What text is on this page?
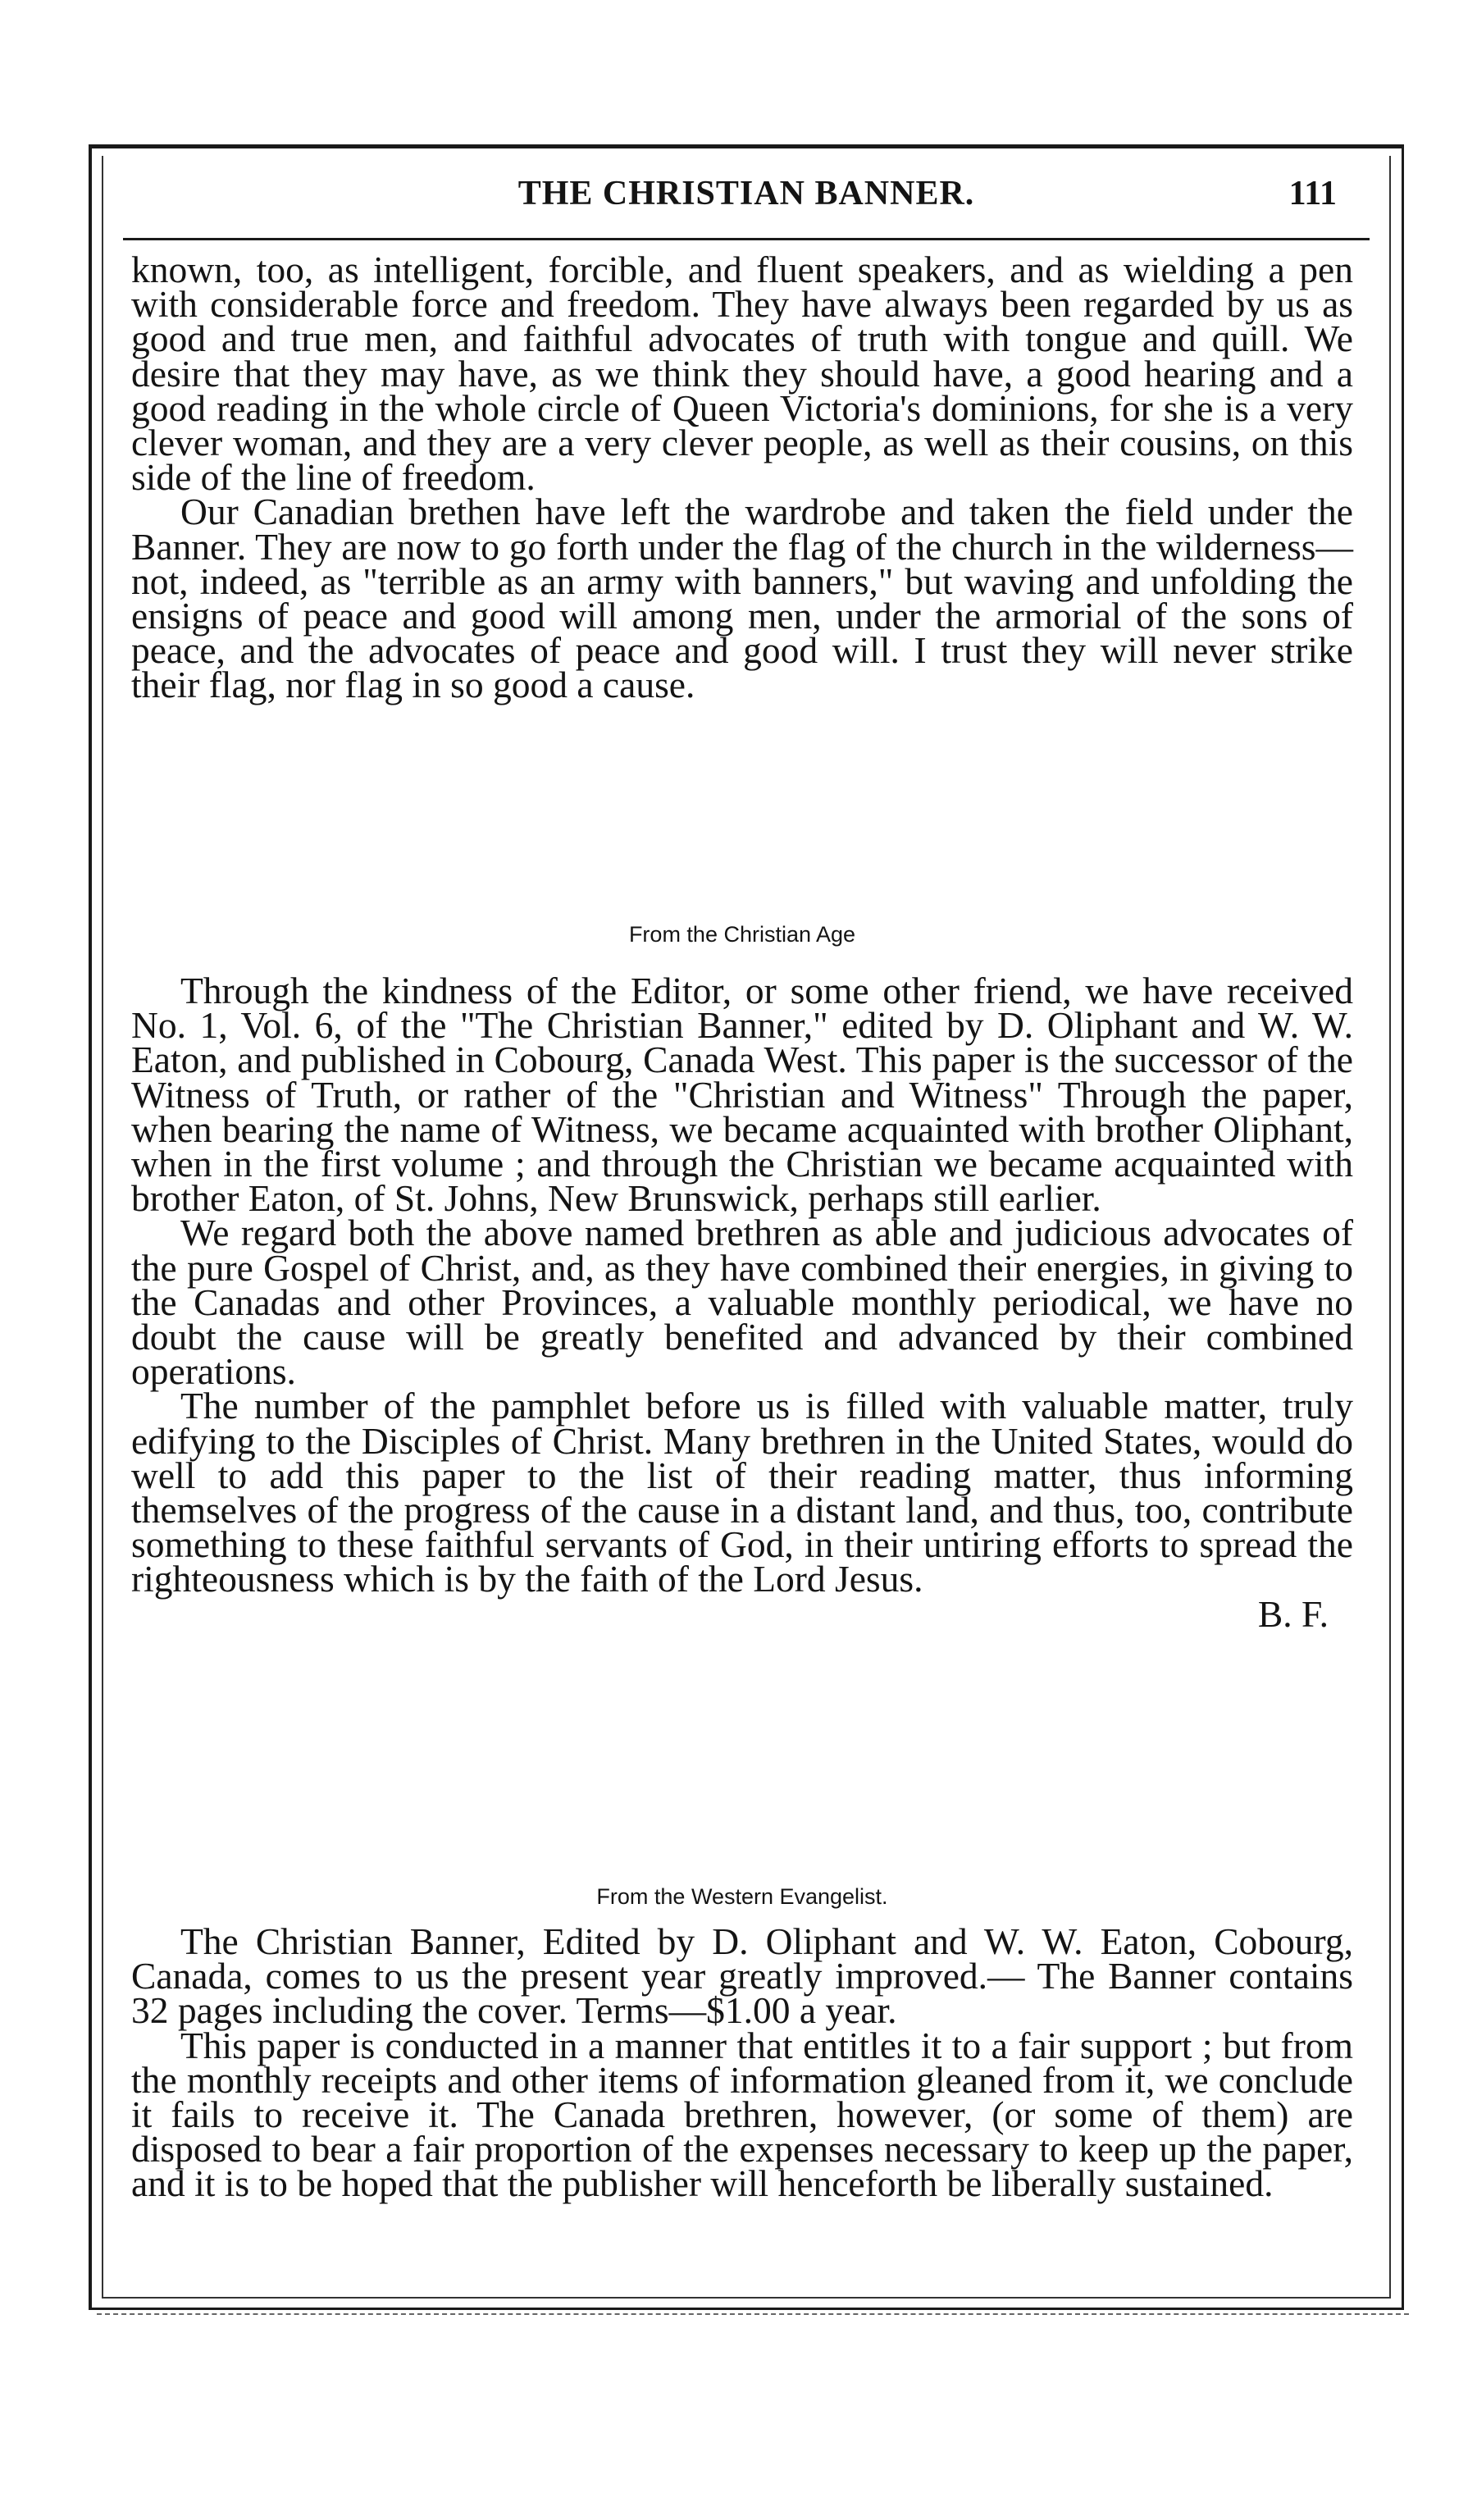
THE CHRISTIAN BANNER.	111

known, too, as intelligent, forcible, and fluent speakers, and as wielding a pen with considerable force and freedom. They have always been regarded by us as good and true men, and faithful advocates of truth with tongue and quill. We desire that they may have, as we think they should have, a good hearing and a good reading in the whole circle of Queen Victoria's dominions, for she is a very clever woman, and they are a very clever people, as well as their cousins, on this side of the line of freedom.

Our Canadian brethen have left the wardrobe and taken the field under the Banner. They are now to go forth under the flag of the church in the wilderness—not, indeed, as "terrible as an army with banners," but waving and unfolding the ensigns of peace and good will among men, under the armorial of the sons of peace, and the advocates of peace and good will. I trust they will never strike their flag, nor flag in so good a cause.

From the Christian Age

Through the kindness of the Editor, or some other friend, we have received No. 1, Vol. 6, of the "The Christian Banner," edited by D. Oliphant and W. W. Eaton, and published in Cobourg, Canada West. This paper is the successor of the Witness of Truth, or rather of the "Christian and Witness" Through the paper, when bearing the name of Witness, we became acquainted with brother Oliphant, when in the first volume ; and through the Christian we became acquainted with brother Eaton, of St. Johns, New Brunswick, perhaps still earlier.

We regard both the above named brethren as able and judicious advocates of the pure Gospel of Christ, and, as they have combined their energies, in giving to the Canadas and other Provinces, a valuable monthly periodical, we have no doubt the cause will be greatly benefited and advanced by their combined operations.

The number of the pamphlet before us is filled with valuable matter, truly edifying to the Disciples of Christ. Many brethren in the United States, would do well to add this paper to the list of their reading matter, thus informing themselves of the progress of the cause in a distant land, and thus, too, contribute something to these faithful servants of God, in their untiring efforts to spread the righteousness which is by the faith of the Lord Jesus.

B. F.

From the Western Evangelist.

The Christian Banner, Edited by D. Oliphant and W. W. Eaton, Cobourg, Canada, comes to us the present year greatly improved.— The Banner contains 32 pages including the cover. Terms—$1.00 a year.

This paper is conducted in a manner that entitles it to a fair support ; but from the monthly receipts and other items of information gleaned from it, we conclude it fails to receive it. The Canada brethren, however, (or some of them) are disposed to bear a fair proportion of the expenses necessary to keep up the paper, and it is to be hoped that the publisher will henceforth be liberally sustained.
